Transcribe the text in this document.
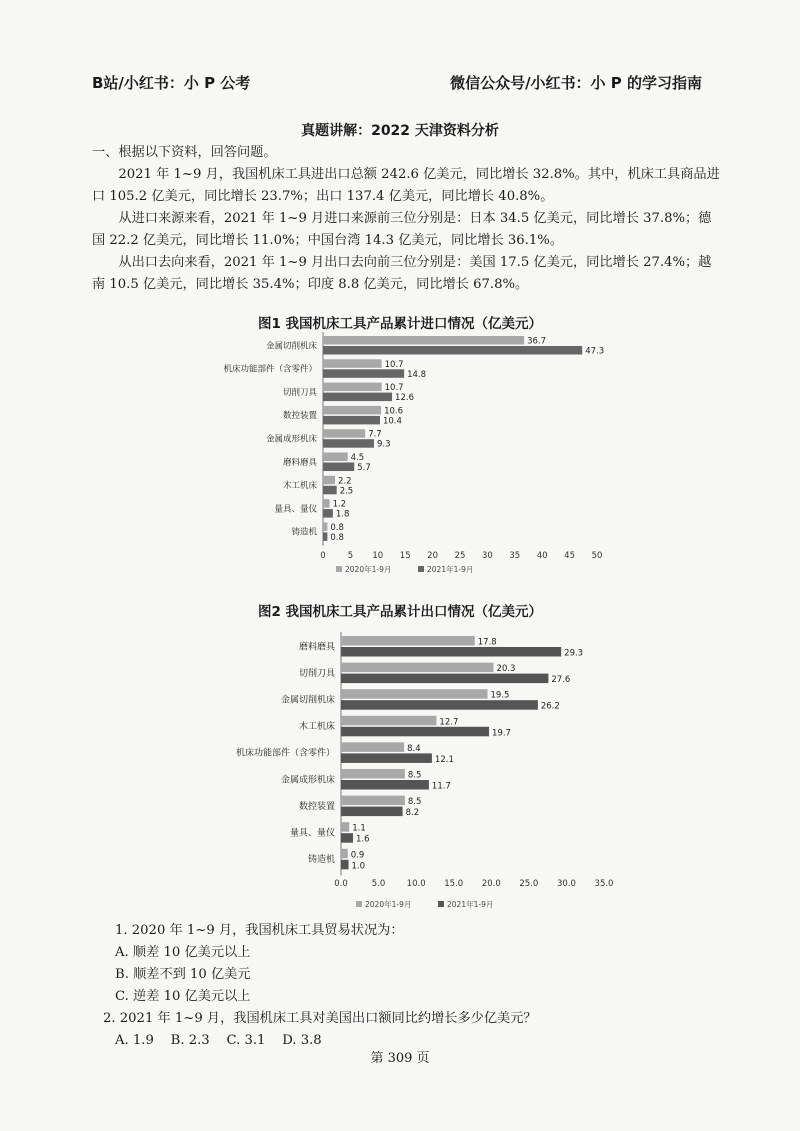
B站/小红书：小 P 公考	微信公众号/小红书：小 P 的学习指南
真题讲解：2022 天津资料分析

一、根据以下资料，回答问题。

2021 年 1~9 月，我国机床工具进出口总额 242.6 亿美元，同比增长 32.8%。其中，机床工具商品进口 105.2 亿美元，同比增长 23.7%；出口 137.4 亿美元，同比增长 40.8%。

从进口来源来看，2021 年 1~9 月进口来源前三位分别是：日本 34.5 亿美元，同比增长 37.8%；德国 22.2 亿美元，同比增长 11.0%；中国台湾 14.3 亿美元，同比增长 36.1%。

从出口去向来看，2021 年 1~9 月出口去向前三位分别是：美国 17.5 亿美元，同比增长 27.4%；越南 10.5 亿美元，同比增长 35.4%；印度 8.8 亿美元，同比增长 67.8%。

图1 我国机床工具产品累计进口情况（亿美元）
金属切削机床	36.7
47.3
机床功能部件（含零件）	10.7
14.8
切削刀具	10.7
12.6
数控装置	10.6
10.4
金属成形机床	7.7
9.3
磨料磨具	4.5
5.7
木工机床 2.2
2.5
量具、量仪 1.2
1.8
铸造机 0.8
0.8
0	5 10 15 20 25 30 35 40 45 50
2020年1-9月	2021年1-9月
图2 我国机床工具产品累计出口情况（亿美元）
磨料磨具	17.8
29.3
切削刀具	20.3
27.6
金属切削机床	19.5
26.2
木工机床	12.7
19.7
机床功能部件（含零件）	8.4
12.1
金属成形机床	8.5
11.7
数控装置	8.5
8.2
量具、量仪 1.1
1.6
铸造机 0.9
1.0
0.0	5.0	10.0 15.0 20.0 25.0 30.0 35.0
2020年1-9月	2021年1-9月
1. 2020 年 1~9 月，我国机床工具贸易状况为：
A. 顺差 10 亿美元以上
B. 顺差不到 10 亿美元
C. 逆差 10 亿美元以上
2. 2021 年 1~9 月，我国机床工具对美国出口额同比约增长多少亿美元？
A. 1.9    B. 2.3    C. 3.1    D. 3.8
第 309 页
